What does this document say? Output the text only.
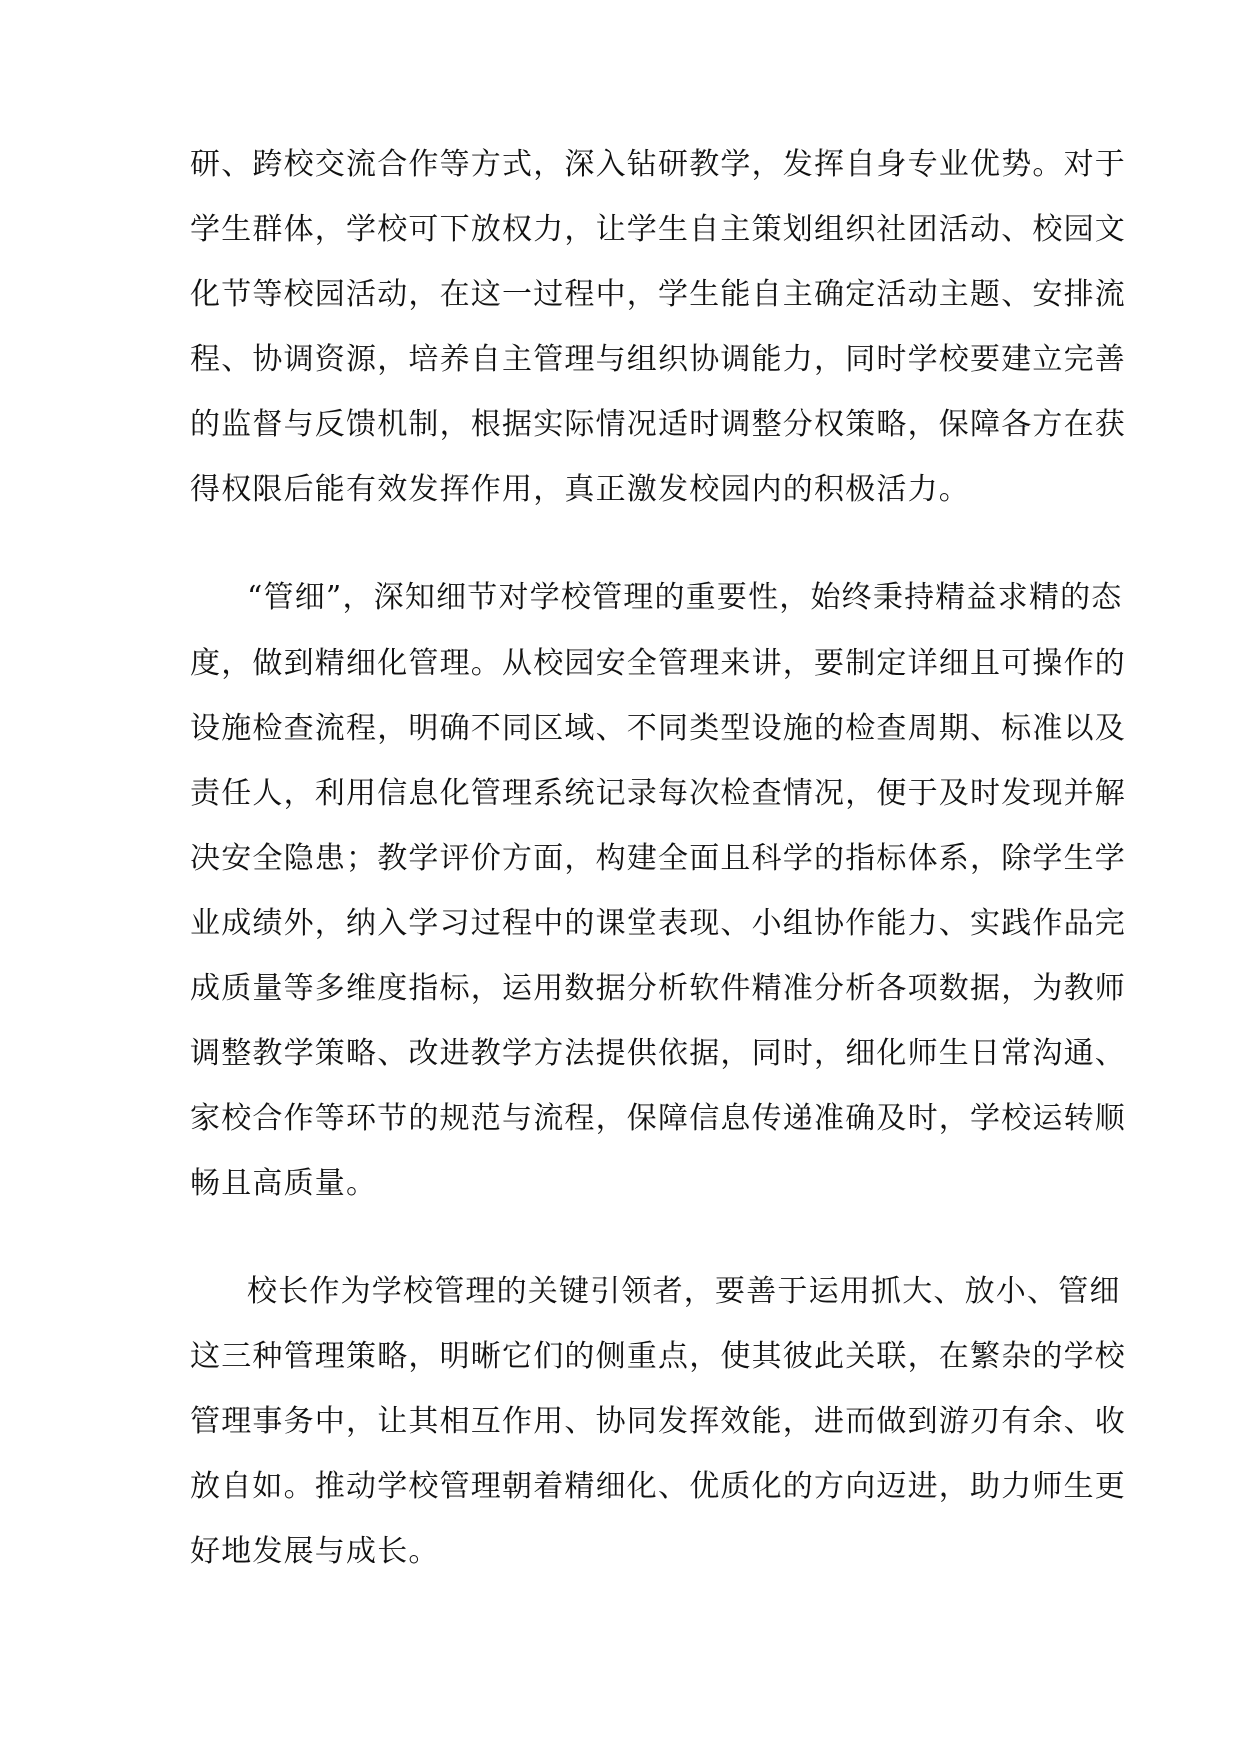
研、跨校交流合作等方式，深入钻研教学，发挥自身专业优势。对于

学生群体，学校可下放权力，让学生自主策划组织社团活动、校园文

化节等校园活动，在这一过程中，学生能自主确定活动主题、安排流

程、协调资源，培养自主管理与组织协调能力，同时学校要建立完善

的监督与反馈机制，根据实际情况适时调整分权策略，保障各方在获

得权限后能有效发挥作用，真正激发校园内的积极活力。

“管细”，深知细节对学校管理的重要性，始终秉持精益求精的态

度，做到精细化管理。从校园安全管理来讲，要制定详细且可操作的

设施检查流程，明确不同区域、不同类型设施的检查周期、标准以及

责任人，利用信息化管理系统记录每次检查情况，便于及时发现并解

决安全隐患；教学评价方面，构建全面且科学的指标体系，除学生学

业成绩外，纳入学习过程中的课堂表现、小组协作能力、实践作品完

成质量等多维度指标，运用数据分析软件精准分析各项数据，为教师

调整教学策略、改进教学方法提供依据，同时，细化师生日常沟通、

家校合作等环节的规范与流程，保障信息传递准确及时，学校运转顺

畅且高质量。

校长作为学校管理的关键引领者，要善于运用抓大、放小、管细

这三种管理策略，明晰它们的侧重点，使其彼此关联，在繁杂的学校

管理事务中，让其相互作用、协同发挥效能，进而做到游刃有余、收

放自如。推动学校管理朝着精细化、优质化的方向迈进，助力师生更

好地发展与成长。
